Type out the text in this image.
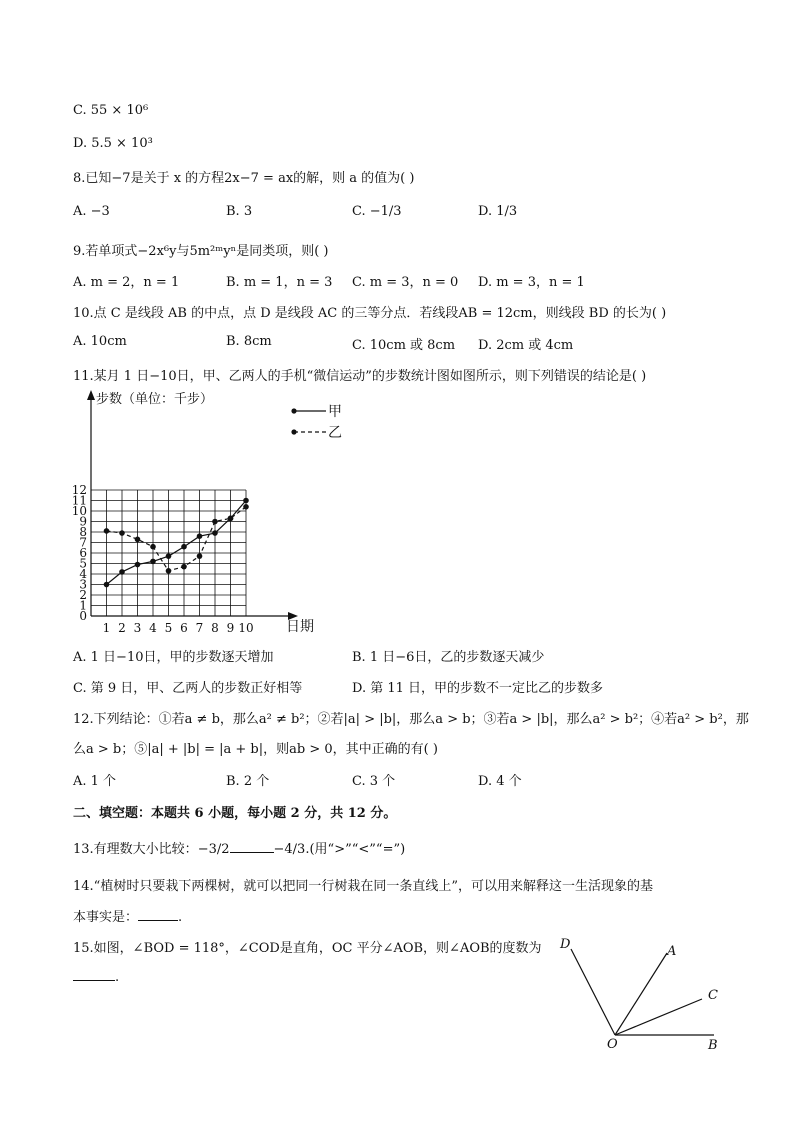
C. 55 × 10⁶
D. 5.5 × 10³
8.已知−7是关于 x 的方程2x−7 = ax的解，则 a 的值为( )
A. −3	B. 3	C. −1/3	D. 1/3
9.若单项式−2x⁶y与5m²ᵐyⁿ是同类项，则( )
A. m = 2，n = 1	B. m = 1，n = 3 C. m = 3，n = 0 D. m = 3，n = 1
10.点 C 是线段 AB 的中点，点 D 是线段 AC 的三等分点．若线段AB = 12cm，则线段 BD 的长为( )
A. 10cm	B. 8cm	C. 10cm 或 8cm D. 2cm 或 4cm
11.某月 1 日−10日，甲、乙两人的手机“微信运动”的步数统计图如图所示，则下列错误的结论是( )
0
1
2
3
4
5
6
7
8
9
10
11
12
1 2 3 4 5 6 7 8 9 10
步数（单位：千步）
日期
甲
乙
A. 1 日−10日，甲的步数逐天增加	B. 1 日−6日，乙的步数逐天减少
C. 第 9 日，甲、乙两人的步数正好相等	D. 第 11 日，甲的步数不一定比乙的步数多
12.下列结论：①若a ≠ b，那么a² ≠ b²；②若|a| > |b|，那么a > b；③若a > |b|，那么a² > b²；④若a² > b²，那
么a > b；⑤|a| + |b| = |a + b|，则ab > 0，其中正确的有( )
A. 1 个	B. 2 个	C. 3 个	D. 4 个
二、填空题：本题共 6 小题，每小题 2 分，共 12 分。
13.有理数大小比较：−3/2	−4/3.(用“>”“<”“=”)
14.“植树时只要栽下两棵树，就可以把同一行树栽在同一条直线上”，可以用来解释这一生活现象的基
本事实是：	.
15.如图，∠BOD = 118°，∠COD是直角，OC 平分∠AOB，则∠AOB的度数为
.
D	A
C
O	B
